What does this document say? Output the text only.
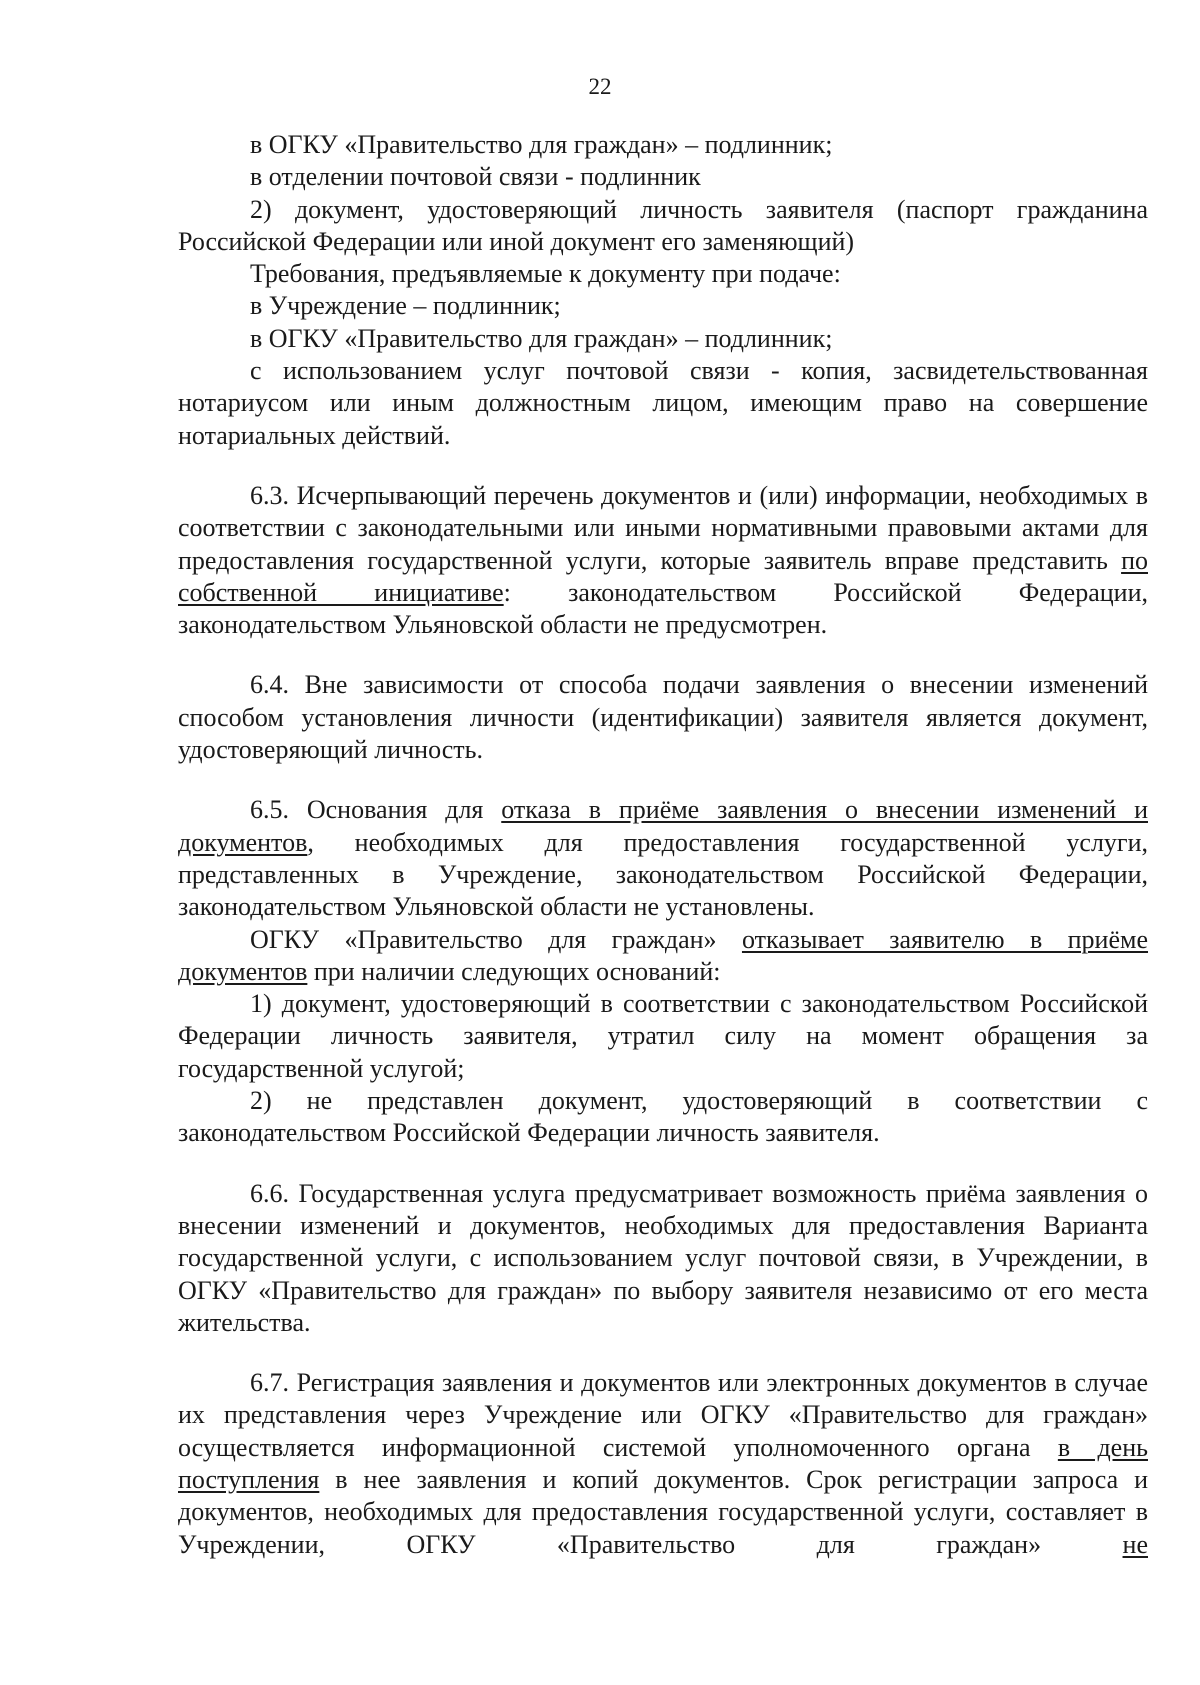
22

в ОГКУ «Правительство для граждан» – подлинник;

в отделении почтовой связи - подлинник

2) документ, удостоверяющий личность заявителя (паспорт гражданина Российской Федерации или иной документ его заменяющий)

Требования, предъявляемые к документу при подаче:

в Учреждение – подлинник;

в ОГКУ «Правительство для граждан» – подлинник;

с использованием услуг почтовой связи - копия, засвидетельствованная нотариусом или иным должностным лицом, имеющим право на совершение нотариальных действий.

6.3. Исчерпывающий перечень документов и (или) информации, необходимых в соответствии с законодательными или иными нормативными правовыми актами для предоставления государственной услуги, которые заявитель вправе представить по собственной инициативе: законодательством Российской Федерации, законодательством Ульяновской области не предусмотрен.

6.4. Вне зависимости от способа подачи заявления о внесении изменений способом установления личности (идентификации) заявителя является документ, удостоверяющий личность.

6.5. Основания для отказа в приёме заявления о внесении изменений и документов, необходимых для предоставления государственной услуги, представленных в Учреждение, законодательством Российской Федерации, законодательством Ульяновской области не установлены.

ОГКУ «Правительство для граждан» отказывает заявителю в приёме документов при наличии следующих оснований:

1) документ, удостоверяющий в соответствии с законодательством Российской Федерации личность заявителя, утратил силу на момент обращения за государственной услугой;

2) не представлен документ, удостоверяющий в соответствии с законодательством Российской Федерации личность заявителя.

6.6. Государственная услуга предусматривает возможность приёма заявления о внесении изменений и документов, необходимых для предоставления Варианта государственной услуги, с использованием услуг почтовой связи, в Учреждении, в ОГКУ «Правительство для граждан» по выбору заявителя независимо от его места жительства.

6.7. Регистрация заявления и документов или электронных документов в случае их представления через Учреждение или ОГКУ «Правительство для граждан» осуществляется информационной системой уполномоченного органа в день поступления в нее заявления и копий документов. Срок регистрации запроса и документов, необходимых для предоставления государственной услуги, составляет в Учреждении, ОГКУ «Правительство для граждан» не
